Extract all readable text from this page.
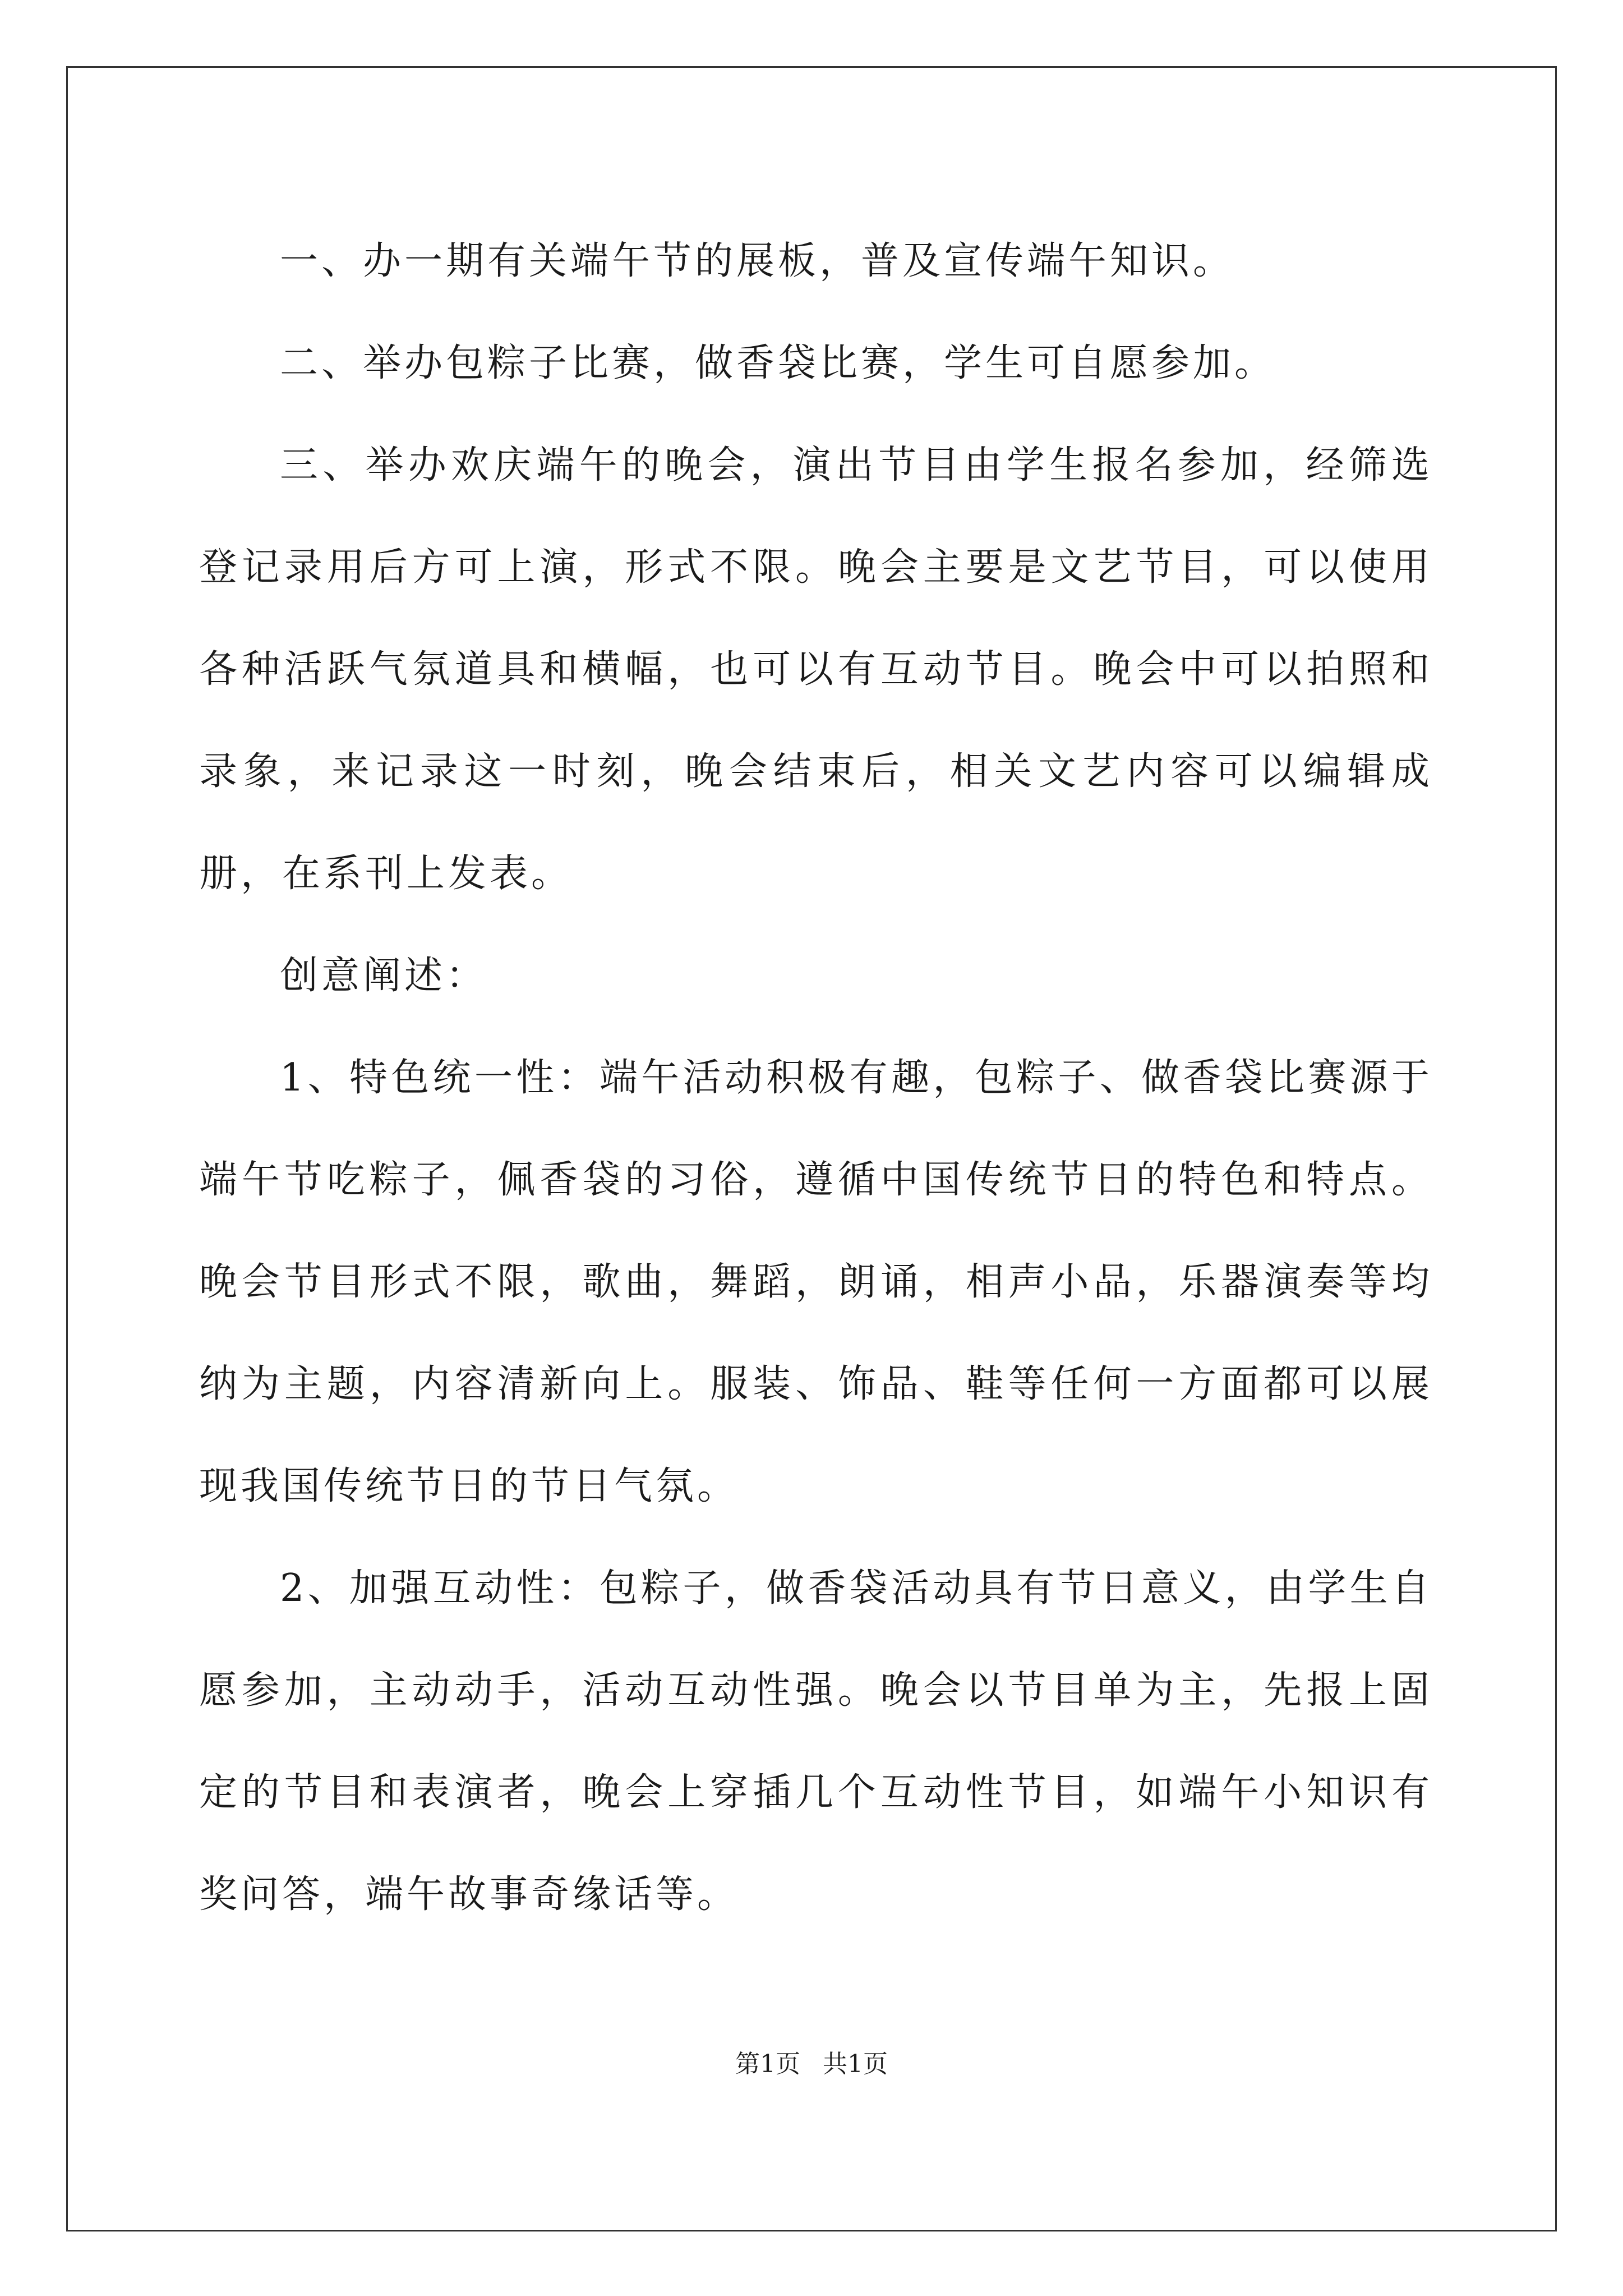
一、办一期有关端午节的展板，普及宣传端午知识。

二、举办包粽子比赛，做香袋比赛，学生可自愿参加。

三、举办欢庆端午的晚会，演出节目由学生报名参加，经筛选登记录用后方可上演，形式不限。晚会主要是文艺节目，可以使用各种活跃气氛道具和横幅，也可以有互动节目。晚会中可以拍照和录象，来记录这一时刻，晚会结束后，相关文艺内容可以编辑成册，在系刊上发表。

创意阐述：

1、特色统一性：端午活动积极有趣，包粽子、做香袋比赛源于端午节吃粽子，佩香袋的习俗，遵循中国传统节日的特色和特点。晚会节目形式不限，歌曲，舞蹈，朗诵，相声小品，乐器演奏等均纳为主题，内容清新向上。服装、饰品、鞋等任何一方面都可以展现我国传统节日的节日气氛。

2、加强互动性：包粽子，做香袋活动具有节日意义，由学生自愿参加，主动动手，活动互动性强。晚会以节目单为主，先报上固定的节目和表演者，晚会上穿插几个互动性节目，如端午小知识有奖问答，端午故事奇缘话等。

第1页 共1页
